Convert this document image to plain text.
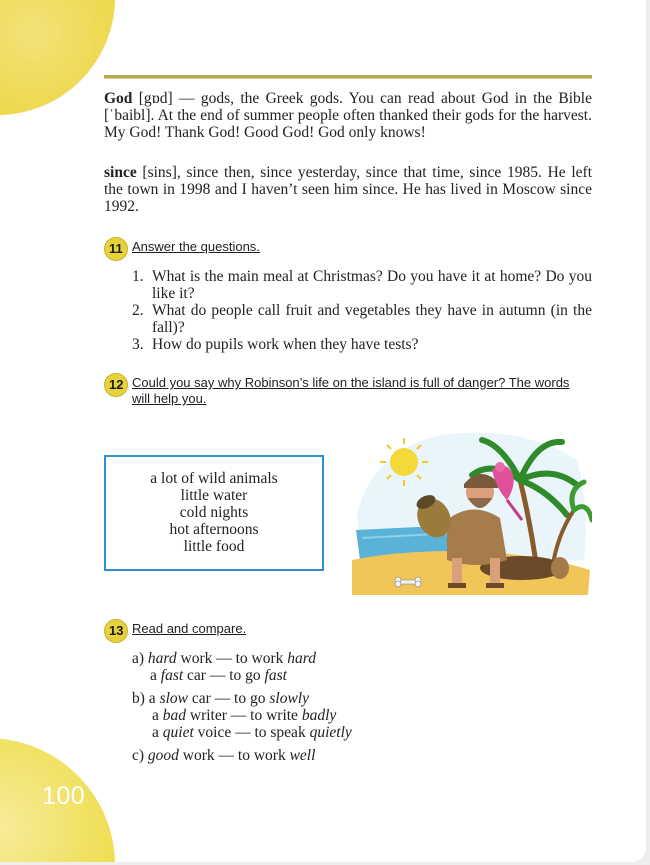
100

God [gɒd] — gods, the Greek gods. You can read about God in the Bible [ˈbaibl]. At the end of summer people often thanked their gods for the harvest. My God! Thank God! Good God! God only knows!

since [sins], since then, since yesterday, since that time, since 1985. He left the town in 1998 and I haven’t seen him since. He has lived in Moscow since 1992.

11 Answer the questions.
1. What is the main meal at Christmas? Do you have it at home? Do you like it?
2. What do people call fruit and vegetables they have in autumn (in the fall)?
3. How do pupils work when they have tests?
12 Could you say why Robinson’s life on the island is full of danger? The words will help you.
a lot of wild animals
little water
cold nights
hot afternoons
little food
13 Read and compare.
a) hard work — to work hard
a fast car — to go fast
b) a slow car — to go slowly
a bad writer — to write badly
a quiet voice — to speak quietly
c) good work — to work well
